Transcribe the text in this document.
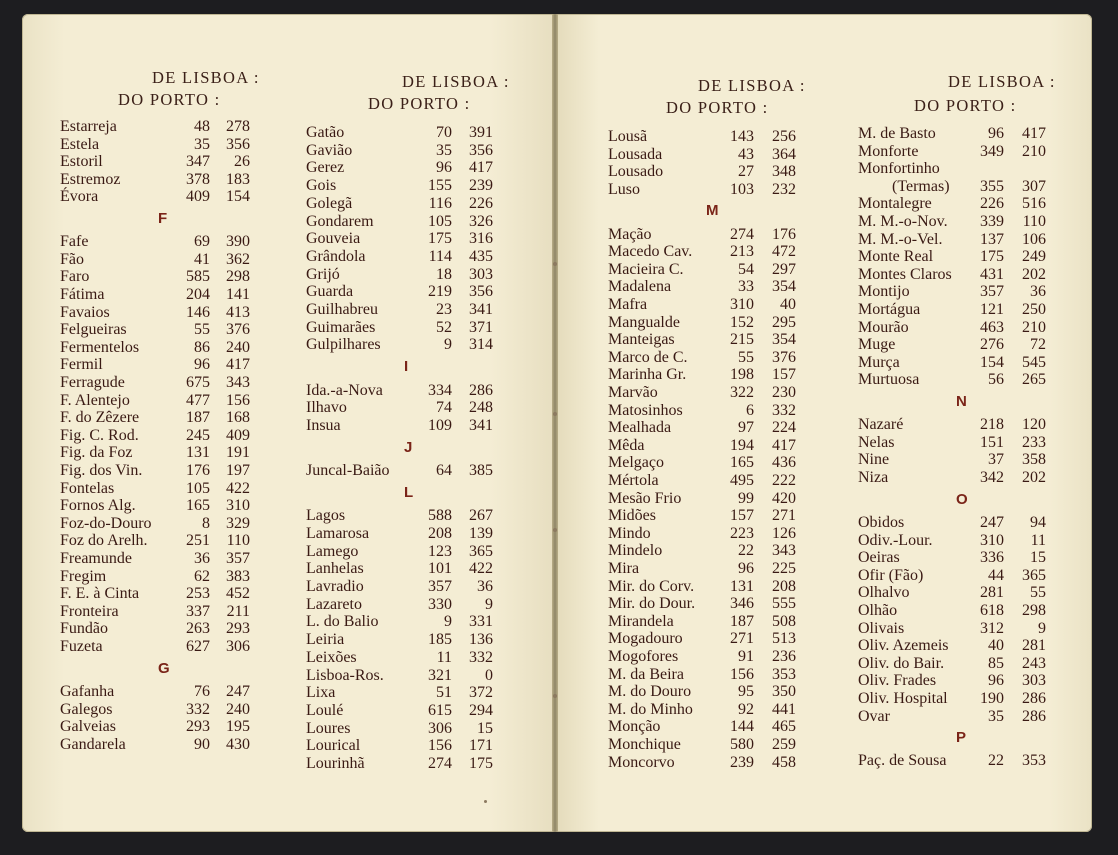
DE LISBOA :
DO PORTO :
Estarreja	48	278
Estela	35	356
Estoril	347	26
Estremoz	378	183
Évora	409	154
F
Fafe	69	390
Fão	41	362
Faro	585	298
Fátima	204	141
Favaios	146	413
Felgueiras	55	376
Fermentelos	86	240
Fermil	96	417
Ferragude	675	343
F. Alentejo	477	156
F. do Zêzere	187	168
Fig. C. Rod.	245	409
Fig. da Foz	131	191
Fig. dos Vin.	176	197
Fontelas	105	422
Fornos Alg.	165	310
Foz-do-Douro	8	329
Foz do Arelh.	251	110
Freamunde	36	357
Fregim	62	383
F. E. à Cinta	253	452
Fronteira	337	211
Fundão	263	293
Fuzeta	627	306
G
Gafanha	76	247
Galegos	332	240
Galveias	293	195
Gandarela	90	430
DE LISBOA :
DO PORTO :
Gatão	70	391
Gavião	35	356
Gerez	96	417
Gois	155	239
Golegã	116	226
Gondarem	105	326
Gouveia	175	316
Grândola	114	435
Grijó	18	303
Guarda	219	356
Guilhabreu	23	341
Guimarães	52	371
Gulpilhares	9	314
I
Ida.-a-Nova	334	286
Ilhavo	74	248
Insua	109	341
J
Juncal-Baião	64	385
L
Lagos	588	267
Lamarosa	208	139
Lamego	123	365
Lanhelas	101	422
Lavradio	357	36
Lazareto	330	9
L. do Balio	9	331
Leiria	185	136
Leixões	11	332
Lisboa-Ros.	321	0
Lixa	51	372
Loulé	615	294
Loures	306	15
Lourical	156	171
Lourinhã	274	175
DE LISBOA :
DO PORTO :
Lousã	143	256
Lousada	43	364
Lousado	27	348
Luso	103	232
M
Mação	274	176
Macedo Cav.	213	472
Macieira C.	54	297
Madalena	33	354
Mafra	310	40
Mangualde	152	295
Manteigas	215	354
Marco de C.	55	376
Marinha Gr.	198	157
Marvão	322	230
Matosinhos	6	332
Mealhada	97	224
Mêda	194	417
Melgaço	165	436
Mértola	495	222
Mesão Frio	99	420
Midões	157	271
Mindo	223	126
Mindelo	22	343
Mira	96	225
Mir. do Corv.	131	208
Mir. do Dour.	346	555
Mirandela	187	508
Mogadouro	271	513
Mogofores	91	236
M. da Beira	156	353
M. do Douro	95	350
M. do Minho	92	441
Monção	144	465
Monchique	580	259
Moncorvo	239	458
DE LISBOA :
DO PORTO :
M. de Basto	96	417
Monforte	349	210
Monfortinho
(Termas)	355	307
Montalegre	226	516
M. M.-o-Nov.	339	110
M. M.-o-Vel.	137	106
Monte Real	175	249
Montes Claros	431	202
Montijo	357	36
Mortágua	121	250
Mourão	463	210
Muge	276	72
Murça	154	545
Murtuosa	56	265
N
Nazaré	218	120
Nelas	151	233
Nine	37	358
Niza	342	202
O
Obidos	247	94
Odiv.-Lour.	310	11
Oeiras	336	15
Ofir (Fão)	44	365
Olhalvo	281	55
Olhão	618	298
Olivais	312	9
Oliv. Azemeis	40	281
Oliv. do Bair.	85	243
Oliv. Frades	96	303
Oliv. Hospital	190	286
Ovar	35	286
P
Paç. de Sousa	22	353
